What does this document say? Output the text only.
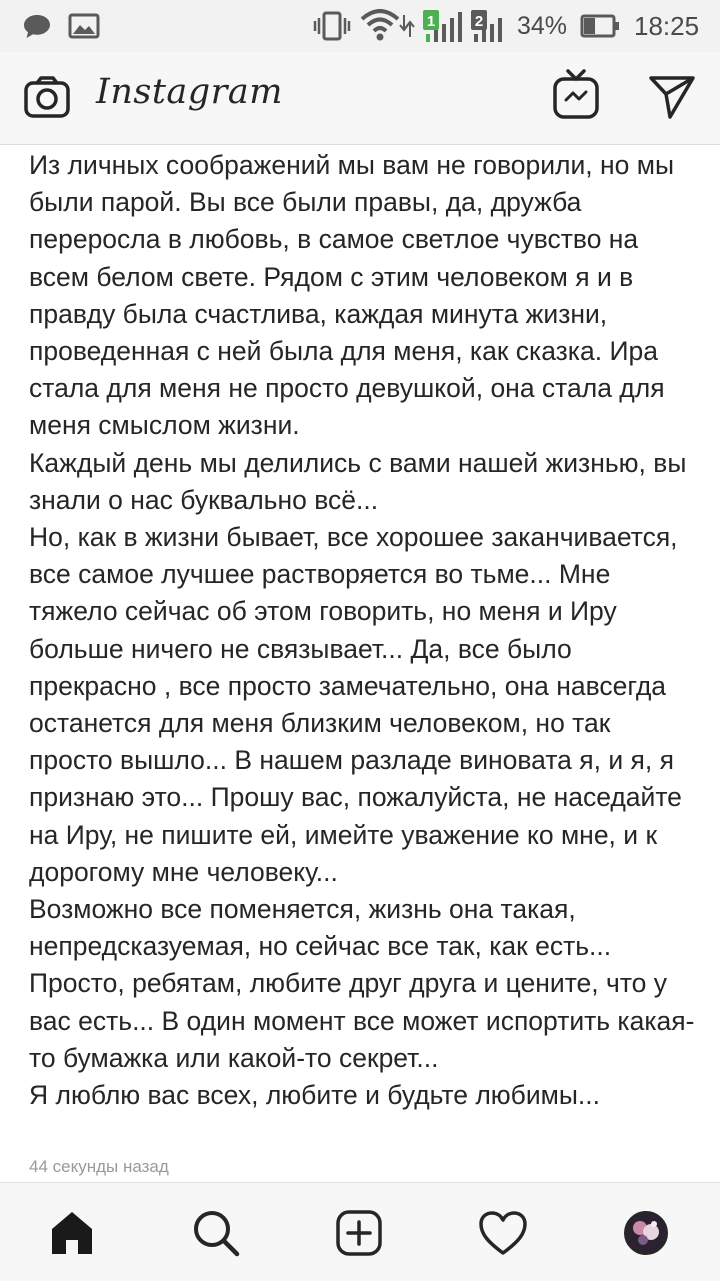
1	2 34%	18:25
Instagram

Из личных соображений мы вам не говорили, но мы были парой. Вы все были правы, да, дружба переросла в любовь, в самое светлое чувство на всем белом свете. Рядом с этим человеком я и в правду была счастлива, каждая минута жизни, проведенная с ней была для меня, как сказка. Ира стала для меня не просто девушкой, она стала для меня смыслом жизни.

Каждый день мы делились с вами нашей жизнью, вы знали о нас буквально всё...

Но, как в жизни бывает, все хорошее заканчивается, все самое лучшее растворяется во тьме... Мне тяжело сейчас об этом говорить, но меня и Иру больше ничего не связывает... Да, все было прекрасно , все просто замечательно, она навсегда останется для меня близким человеком, но так просто вышло... В нашем разладе виновата я, и я, я признаю это... Прошу вас, пожалуйста, не наседайте на Иру, не пишите ей, имейте уважение ко мне, и к дорогому мне человеку...

Возможно все поменяется, жизнь она такая, непредсказуемая, но сейчас все так, как есть... Просто, ребятам, любите друг друга и цените, что у вас есть... В один момент все может испортить какая-то бумажка или какой-то секрет...

Я люблю вас всех, любите и будьте любимы...

44 секунды назад
